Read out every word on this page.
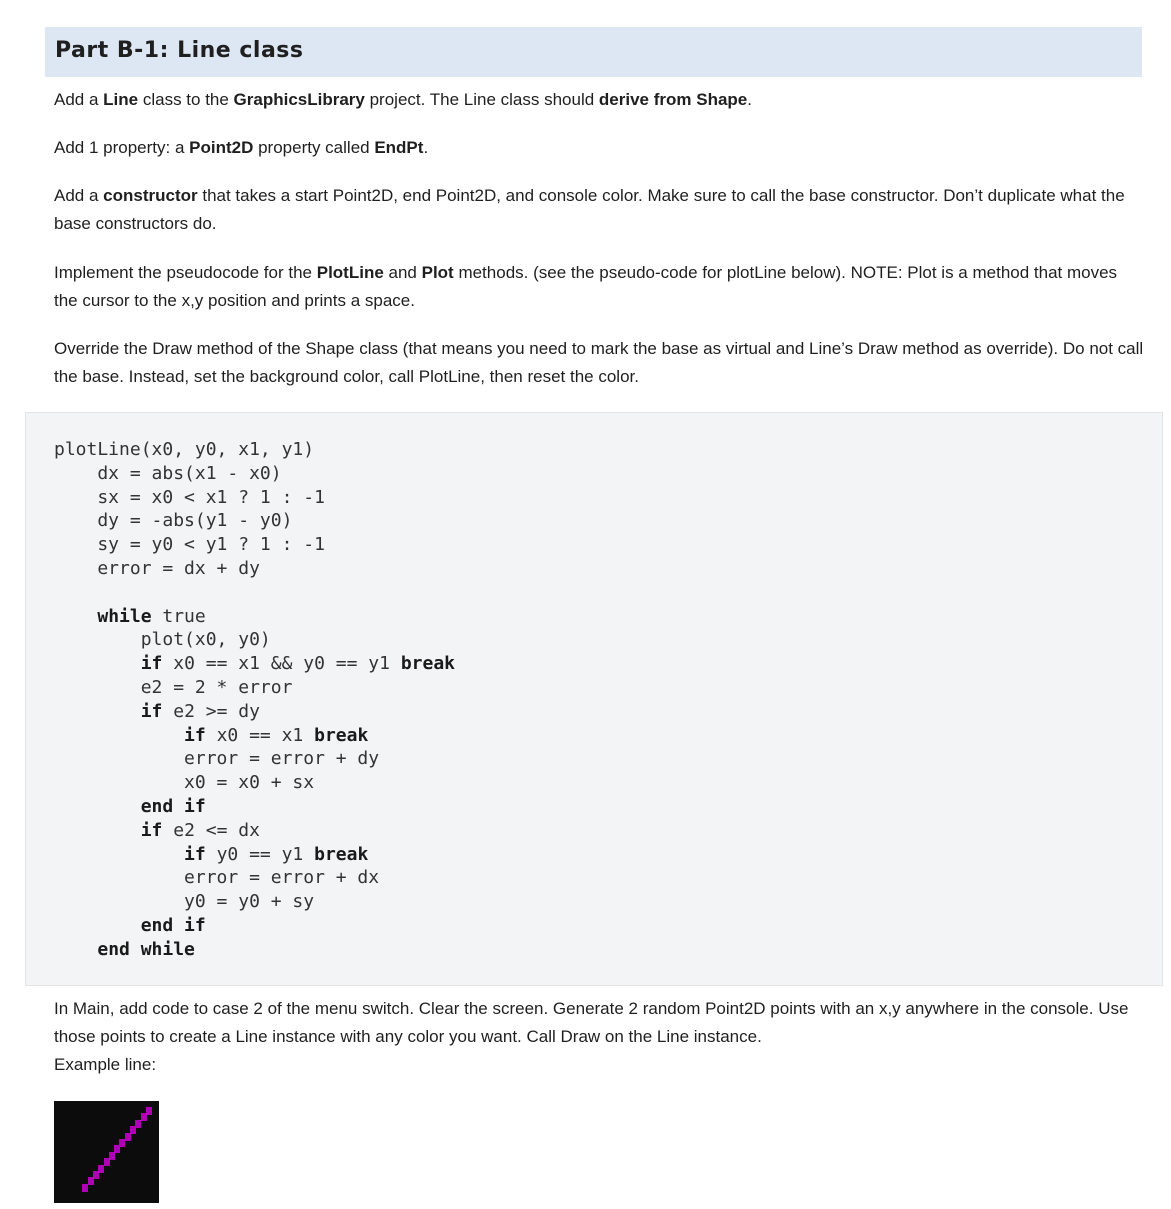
Part B-1: Line class

Add a Line class to the GraphicsLibrary project. The Line class should derive from Shape.

Add 1 property: a Point2D property called EndPt.

Add a constructor that takes a start Point2D, end Point2D, and console color. Make sure to call the base constructor. Don’t duplicate what the base constructors do.

Implement the pseudocode for the PlotLine and Plot methods. (see the pseudo-code for plotLine below). NOTE: Plot is a method that moves the cursor to the x,y position and prints a space.

Override the Draw method of the Shape class (that means you need to mark the base as virtual and Line’s Draw method as override). Do not call the base. Instead, set the background color, call PlotLine, then reset the color.

plotLine(x0, y0, x1, y1)
dx = abs(x1 - x0)
sx = x0 < x1 ? 1 : -1
dy = -abs(y1 - y0)
sy = y0 < y1 ? 1 : -1
error = dx + dy

while true
plot(x0, y0)
if x0 == x1 && y0 == y1 break
e2 = 2 * error
if e2 >= dy
if x0 == x1 break
error = error + dy
x0 = x0 + sx
end if
if e2 <= dx
if y0 == y1 break
error = error + dx
y0 = y0 + sy
end if
end while

In Main, add code to case 2 of the menu switch. Clear the screen. Generate 2 random Point2D points with an x,y anywhere in the console. Use those points to create a Line instance with any color you want. Call Draw on the Line instance.

Example line:
